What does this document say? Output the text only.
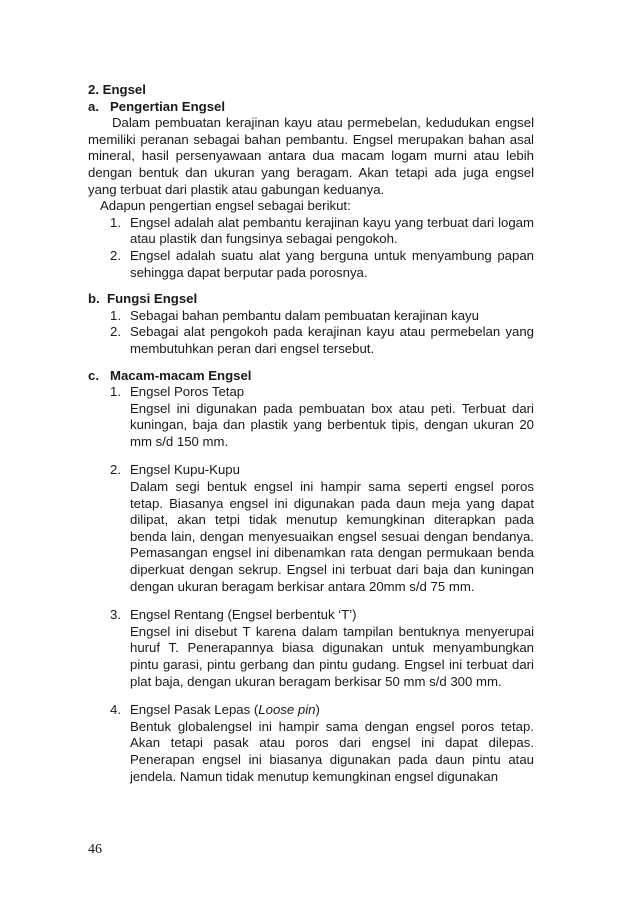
2. Engsel
a.   Pengertian Engsel
Dalam pembuatan kerajinan kayu atau permebelan, kedudukan engsel memiliki peranan sebagai bahan pembantu. Engsel merupakan bahan asal mineral, hasil persenyawaan antara dua macam logam murni atau lebih dengan bentuk dan ukuran yang beragam. Akan tetapi ada juga engsel yang terbuat dari plastik atau gabungan keduanya.
Adapun pengertian engsel sebagai berikut:
1. Engsel adalah alat pembantu kerajinan kayu yang terbuat dari logam atau plastik dan fungsinya sebagai pengokoh.
2. Engsel adalah suatu alat yang berguna untuk menyambung papan sehingga dapat berputar pada porosnya.
b.  Fungsi Engsel
1. Sebagai bahan pembantu dalam pembuatan kerajinan kayu
2. Sebagai alat pengokoh pada kerajinan kayu atau permebelan yang membutuhkan peran dari engsel tersebut.
c.   Macam-macam Engsel
1. Engsel Poros Tetap
Engsel ini digunakan pada pembuatan box atau peti. Terbuat dari kuningan, baja dan plastik yang berbentuk tipis, dengan ukuran 20 mm s/d 150 mm.
2. Engsel Kupu-Kupu
Dalam segi bentuk engsel ini hampir sama seperti engsel poros tetap. Biasanya engsel ini digunakan pada daun meja yang dapat dilipat, akan tetpi tidak menutup kemungkinan diterapkan pada benda lain, dengan menyesuaikan engsel sesuai dengan bendanya. Pemasangan engsel ini dibenamkan rata dengan permukaan benda diperkuat dengan sekrup. Engsel ini terbuat dari baja dan kuningan dengan ukuran beragam berkisar antara 20mm s/d 75 mm.
3. Engsel Rentang (Engsel berbentuk ‘T’)
Engsel ini disebut T karena dalam tampilan bentuknya menyerupai huruf T. Penerapannya biasa digunakan untuk menyambungkan pintu garasi, pintu gerbang dan pintu gudang. Engsel ini terbuat dari plat baja, dengan ukuran beragam berkisar 50 mm s/d 300 mm.
4. Engsel Pasak Lepas (Loose pin)
Bentuk globalengsel ini hampir sama dengan engsel poros tetap. Akan tetapi pasak atau poros dari engsel ini dapat dilepas. Penerapan engsel ini biasanya digunakan pada daun pintu atau jendela. Namun tidak menutup kemungkinan engsel digunakan
46
